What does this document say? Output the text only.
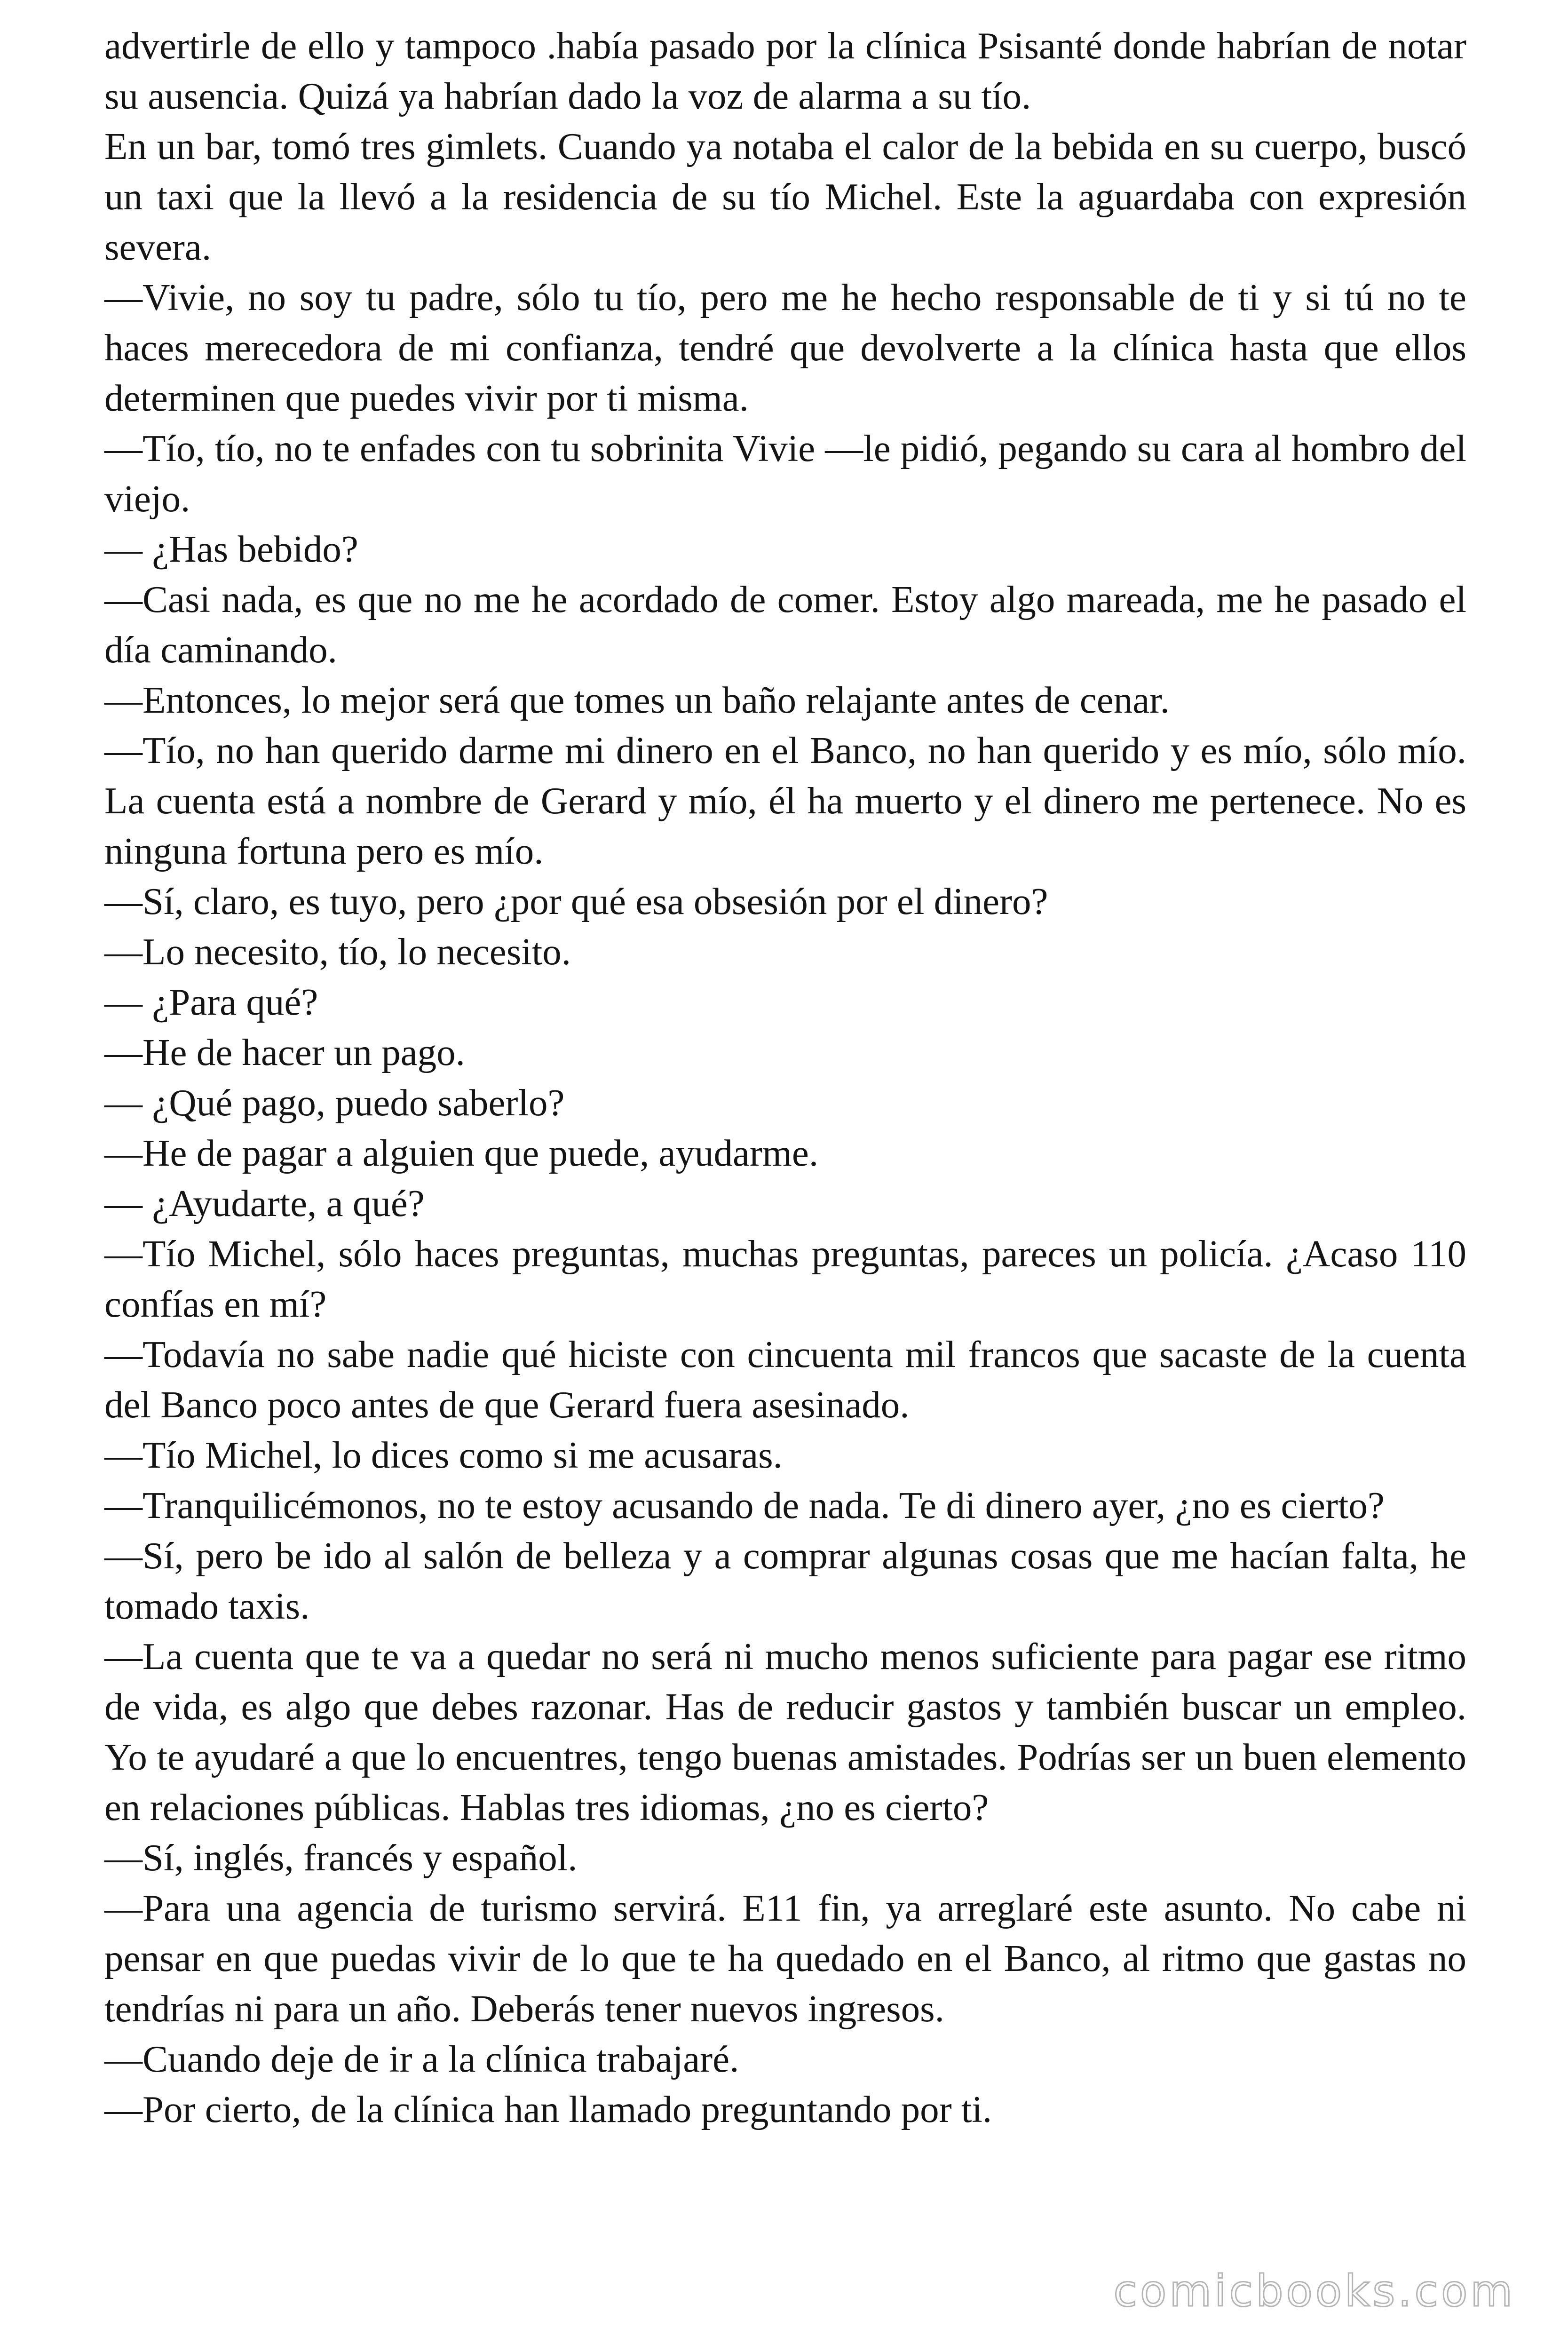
advertirle de ello y tampoco .había pasado por la clínica Psisanté donde habrían de notar su ausencia. Quizá ya habrían dado la voz de alarma a su tío.

En un bar, tomó tres gimlets. Cuando ya notaba el calor de la bebida en su cuerpo, buscó un taxi que la llevó a la residencia de su tío Michel. Este la aguardaba con expresión severa.

—Vivie, no soy tu padre, sólo tu tío, pero me he hecho responsable de ti y si tú no te haces merecedora de mi confianza, tendré que devolverte a la clínica hasta que ellos determinen que puedes vivir por ti misma.

—Tío, tío, no te enfades con tu sobrinita Vivie —le pidió, pegando su cara al hombro del viejo.

— ¿Has bebido?

—Casi nada, es que no me he acordado de comer. Estoy algo mareada, me he pasado el día caminando.

—Entonces, lo mejor será que tomes un baño relajante antes de cenar.

—Tío, no han querido darme mi dinero en el Banco, no han querido y es mío, sólo mío. La cuenta está a nombre de Gerard y mío, él ha muerto y el dinero me pertenece. No es ninguna fortuna pero es mío.

—Sí, claro, es tuyo, pero ¿por qué esa obsesión por el dinero?

—Lo necesito, tío, lo necesito.

— ¿Para qué?

—He de hacer un pago.

— ¿Qué pago, puedo saberlo?

—He de pagar a alguien que puede, ayudarme.

— ¿Ayudarte, a qué?

—Tío Michel, sólo haces preguntas, muchas preguntas, pareces un policía. ¿Acaso 110 confías en mí?

—Todavía no sabe nadie qué hiciste con cincuenta mil francos que sacaste de la cuenta del Banco poco antes de que Gerard fuera asesinado.

—Tío Michel, lo dices como si me acusaras.

—Tranquilicémonos, no te estoy acusando de nada. Te di dinero ayer, ¿no es cierto?

—Sí, pero be ido al salón de belleza y a comprar algunas cosas que me hacían falta, he tomado taxis.

—La cuenta que te va a quedar no será ni mucho menos suficiente para pagar ese ritmo de vida, es algo que debes razonar. Has de reducir gastos y también buscar un empleo. Yo te ayudaré a que lo encuentres, tengo buenas amistades. Podrías ser un buen elemento en relaciones públicas. Hablas tres idiomas, ¿no es cierto?

—Sí, inglés, francés y español.

—Para una agencia de turismo servirá. E11 fin, ya arreglaré este asunto. No cabe ni pensar en que puedas vivir de lo que te ha quedado en el Banco, al ritmo que gastas no tendrías ni para un año. Deberás tener nuevos ingresos.

—Cuando deje de ir a la clínica trabajaré.

—Por cierto, de la clínica han llamado preguntando por ti.

comicbooks.com
